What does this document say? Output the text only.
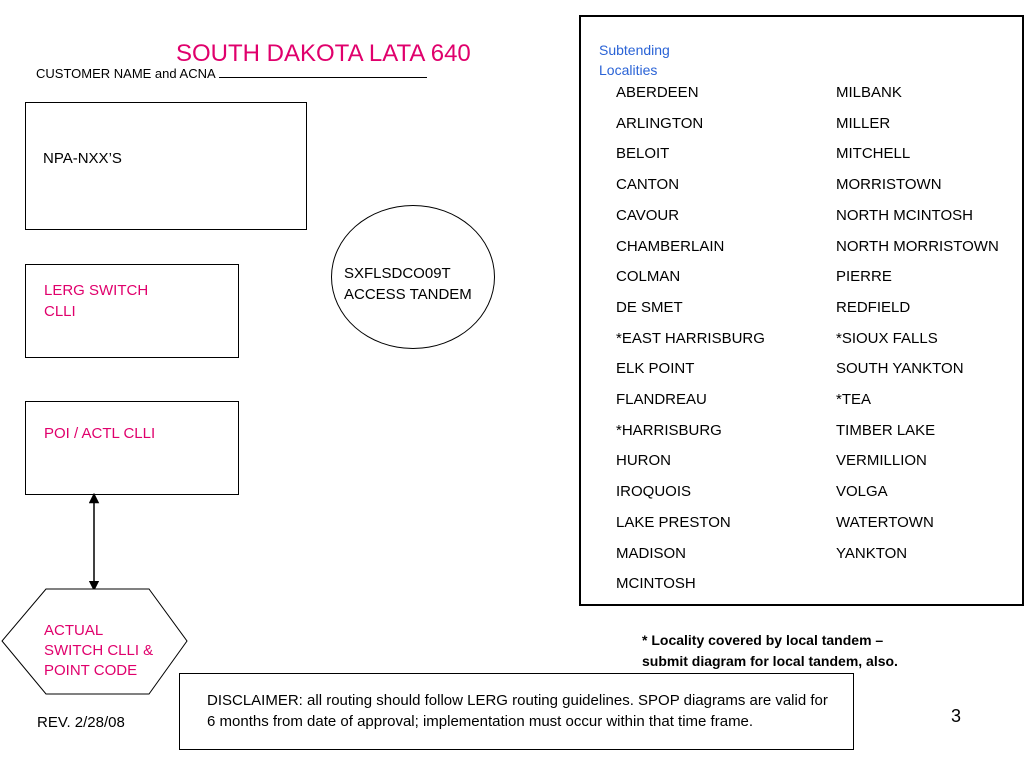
SOUTH DAKOTA LATA 640
CUSTOMER NAME and ACNA
NPA-NXX’S
LERG SWITCH
CLLI
POI / ACTL CLLI
ACTUAL
SWITCH CLLI &
POINT CODE
SXFLSDCO09T
ACCESS TANDEM
Subtending
Localities
ABERDEEN
ARLINGTON
BELOIT
CANTON
CAVOUR
CHAMBERLAIN
COLMAN
DE SMET
*EAST HARRISBURG
ELK POINT
FLANDREAU
*HARRISBURG
HURON
IROQUOIS
LAKE PRESTON
MADISON
MCINTOSH
MILBANK
MILLER
MITCHELL
MORRISTOWN
NORTH MCINTOSH
NORTH MORRISTOWN
PIERRE
REDFIELD
*SIOUX FALLS
SOUTH YANKTON
*TEA
TIMBER LAKE
VERMILLION
VOLGA
WATERTOWN
YANKTON
* Locality covered by local tandem –
submit diagram for local tandem, also.
DISCLAIMER: all routing should follow LERG routing guidelines. SPOP diagrams are valid for 6 months from date of approval; implementation must occur within that time frame.
REV. 2/28/08	3
